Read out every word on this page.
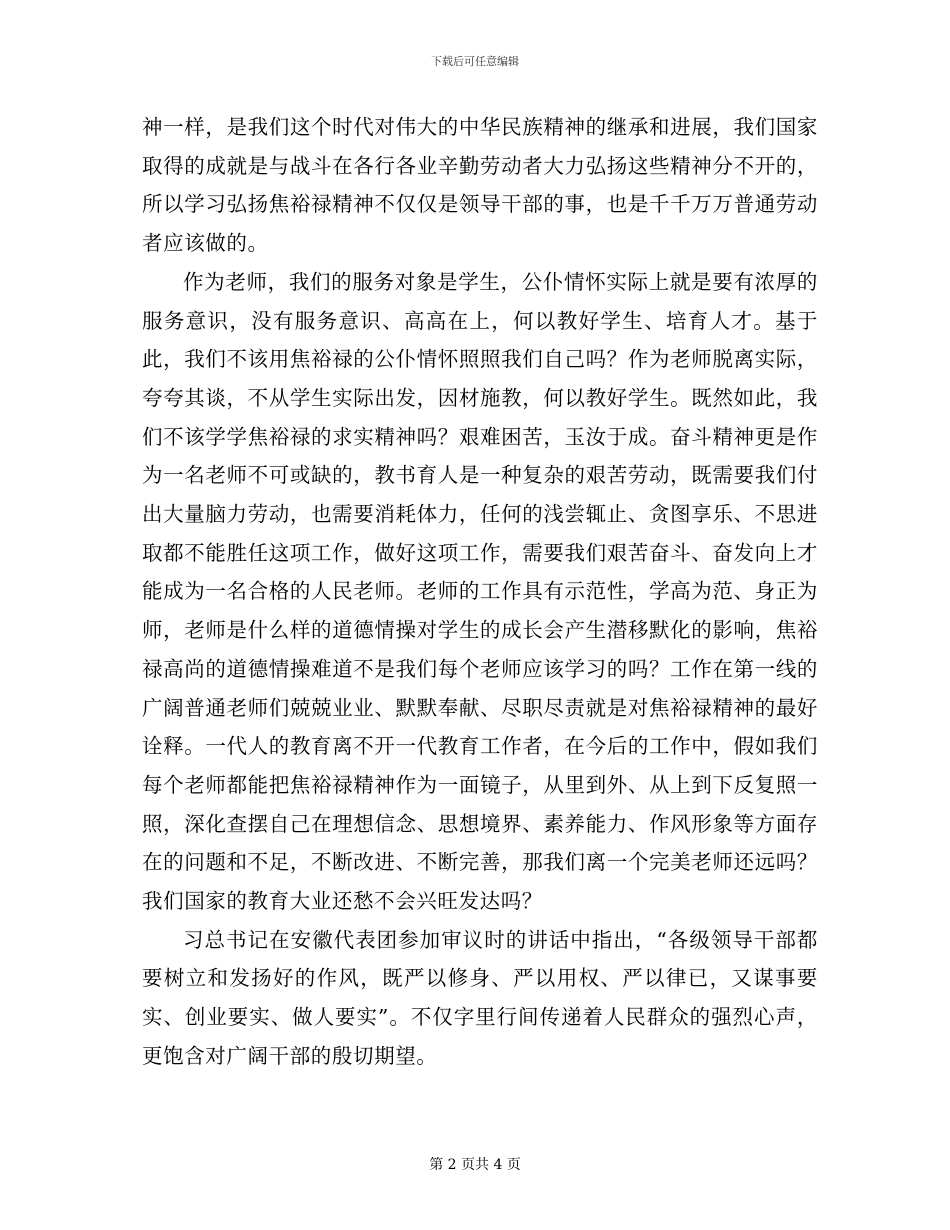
下载后可任意编辑

神一样，是我们这个时代对伟大的中华民族精神的继承和进展，我们国家取得的成就是与战斗在各行各业辛勤劳动者大力弘扬这些精神分不开的，所以学习弘扬焦裕禄精神不仅仅是领导干部的事，也是千千万万普通劳动者应该做的。

作为老师，我们的服务对象是学生，公仆情怀实际上就是要有浓厚的服务意识，没有服务意识、高高在上，何以教好学生、培育人才。基于此，我们不该用焦裕禄的公仆情怀照照我们自己吗？作为老师脱离实际，夸夸其谈，不从学生实际出发，因材施教，何以教好学生。既然如此，我们不该学学焦裕禄的求实精神吗？艰难困苦，玉汝于成。奋斗精神更是作为一名老师不可或缺的，教书育人是一种复杂的艰苦劳动，既需要我们付出大量脑力劳动，也需要消耗体力，任何的浅尝辄止、贪图享乐、不思进取都不能胜任这项工作，做好这项工作，需要我们艰苦奋斗、奋发向上才能成为一名合格的人民老师。老师的工作具有示范性，学高为范、身正为师，老师是什么样的道德情操对学生的成长会产生潜移默化的影响，焦裕禄高尚的道德情操难道不是我们每个老师应该学习的吗？工作在第一线的广阔普通老师们兢兢业业、默默奉献、尽职尽责就是对焦裕禄精神的最好诠释。一代人的教育离不开一代教育工作者，在今后的工作中，假如我们每个老师都能把焦裕禄精神作为一面镜子，从里到外、从上到下反复照一照，深化查摆自己在理想信念、思想境界、素养能力、作风形象等方面存在的问题和不足，不断改进、不断完善，那我们离一个完美老师还远吗？我们国家的教育大业还愁不会兴旺发达吗？

习总书记在安徽代表团参加审议时的讲话中指出，“各级领导干部都要树立和发扬好的作风，既严以修身、严以用权、严以律已，又谋事要实、创业要实、做人要实”。不仅字里行间传递着人民群众的强烈心声，更饱含对广阔干部的殷切期望。

第 2 页共 4 页
